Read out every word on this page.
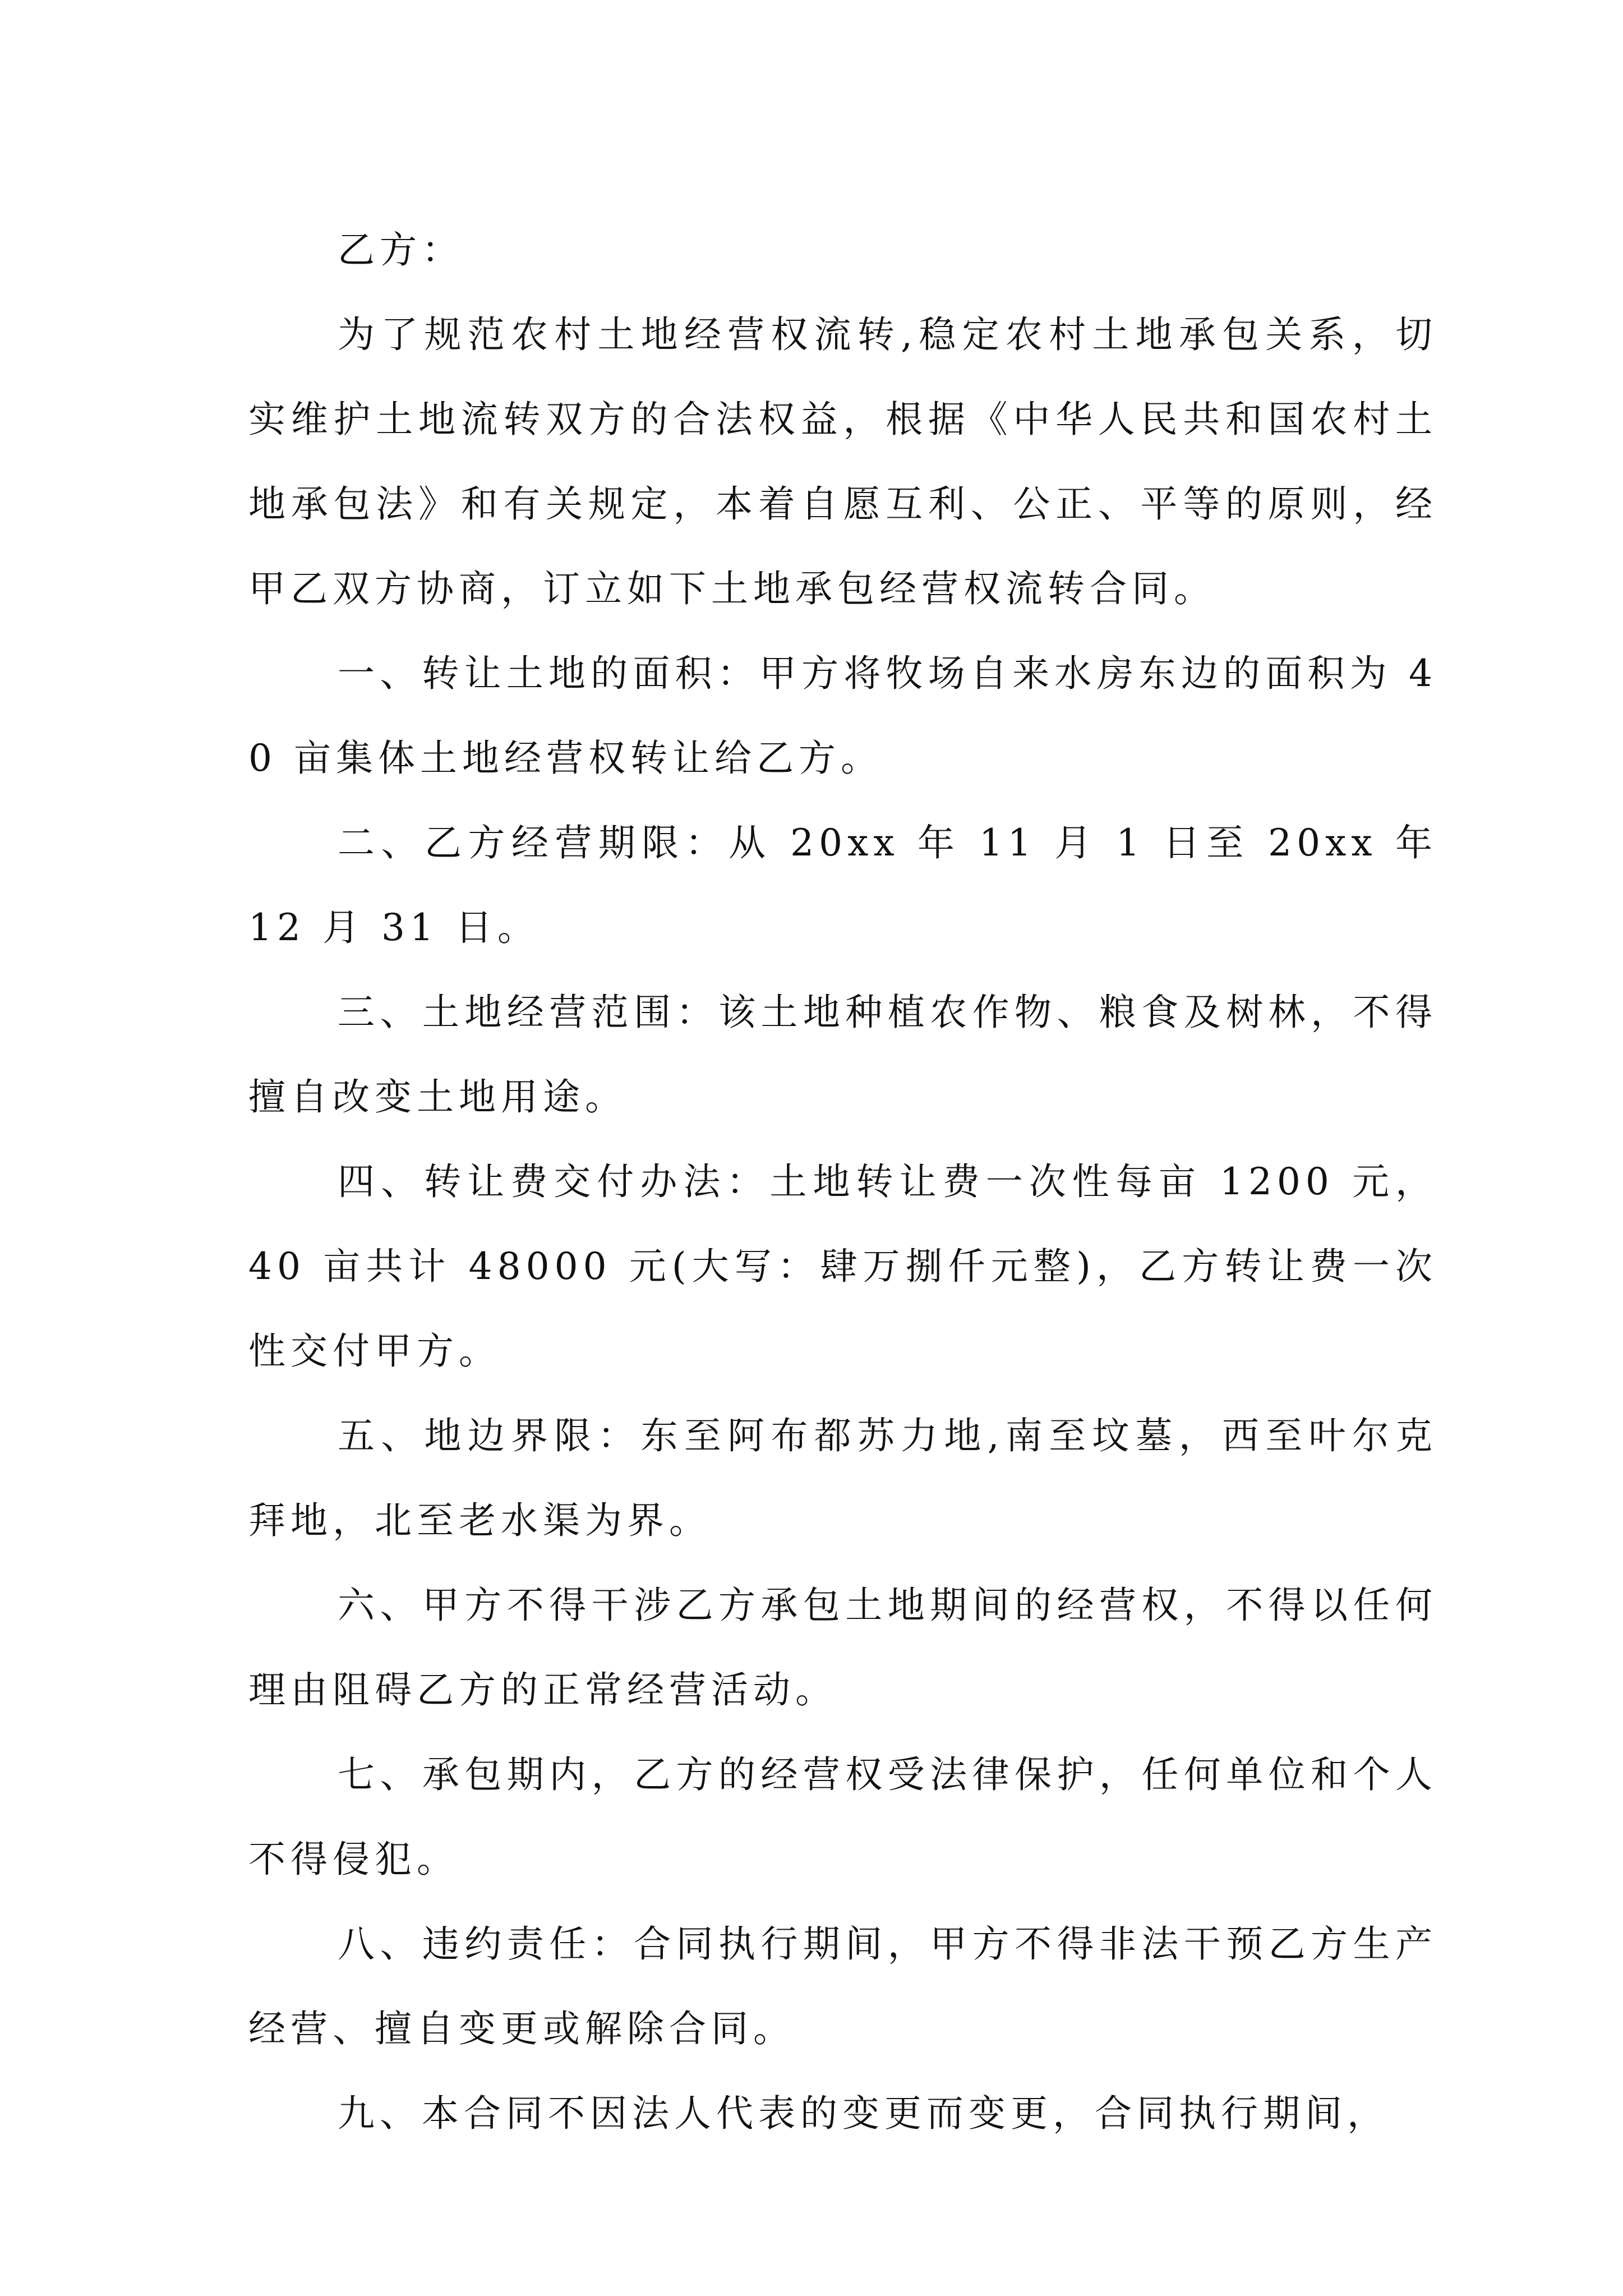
乙方：

为了规范农村土地经营权流转,稳定农村土地承包关系，切实维护土地流转双方的合法权益，根据《中华人民共和国农村土地承包法》和有关规定，本着自愿互利、公正、平等的原则，经甲乙双方协商，订立如下土地承包经营权流转合同。

一、转让土地的面积：甲方将牧场自来水房东边的面积为 40 亩集体土地经营权转让给乙方。

二、乙方经营期限：从 20xx 年 11 月 1 日至 20xx 年 12 月 31 日。

三、土地经营范围：该土地种植农作物、粮食及树林，不得擅自改变土地用途。

四、转让费交付办法：土地转让费一次性每亩 1200 元，40 亩共计 48000 元(大写：肆万捌仟元整)，乙方转让费一次性交付甲方。

五、地边界限：东至阿布都苏力地,南至坟墓，西至叶尔克拜地，北至老水渠为界。

六、甲方不得干涉乙方承包土地期间的经营权，不得以任何理由阻碍乙方的正常经营活动。

七、承包期内，乙方的经营权受法律保护，任何单位和个人不得侵犯。

八、违约责任：合同执行期间，甲方不得非法干预乙方生产经营、擅自变更或解除合同。

九、本合同不因法人代表的变更而变更，合同执行期间，
